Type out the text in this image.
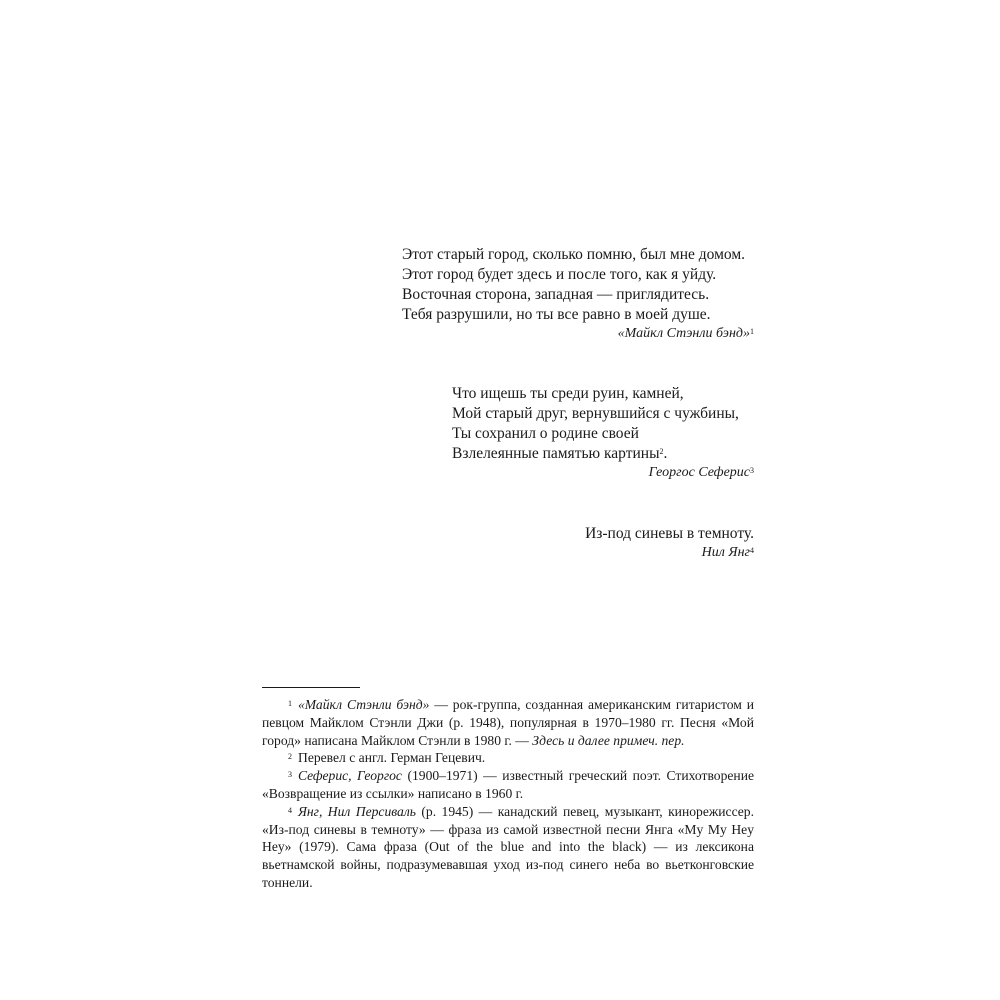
Этот старый город, сколько помню, был мне домом.
Этот город будет здесь и после того, как я уйду.
Восточная сторона, западная — приглядитесь.
Тебя разрушили, но ты все равно в моей душе.
«Майкл Стэнли бэнд»$^1$
Что ищешь ты среди руин, камней,
Мой старый друг, вернувшийся с чужбины,
Ты сохранил о родине своей
Взлелеянные памятью картины$^2$.
Георгос Сеферис$^3$
Из-под синевы в темноту.
Нил Янг$^4$
$^1$ «Майкл Стэнли бэнд» — рок-группа, созданная американским гитаристом и певцом Майклом Стэнли Джи (р. 1948), популярная в 1970–1980 гг. Песня «Мой город» написана Майклом Стэнли в 1980 г. — Здесь и далее примеч. пер.
$^2$ Перевел с англ. Герман Гецевич.
$^3$ Сеферис, Георгос (1900–1971) — известный греческий поэт. Стихотворение «Возвращение из ссылки» написано в 1960 г.
$^4$ Янг, Нил Персиваль (р. 1945) — канадский певец, музыкант, кинорежиссер. «Из-под синевы в темноту» — фраза из самой известной песни Янга «My My Hey Hey» (1979). Сама фраза (Out of the blue and into the black) — из лексикона вьетнамской войны, подразумевавшая уход из-под синего неба во вьетконговские тоннели.
